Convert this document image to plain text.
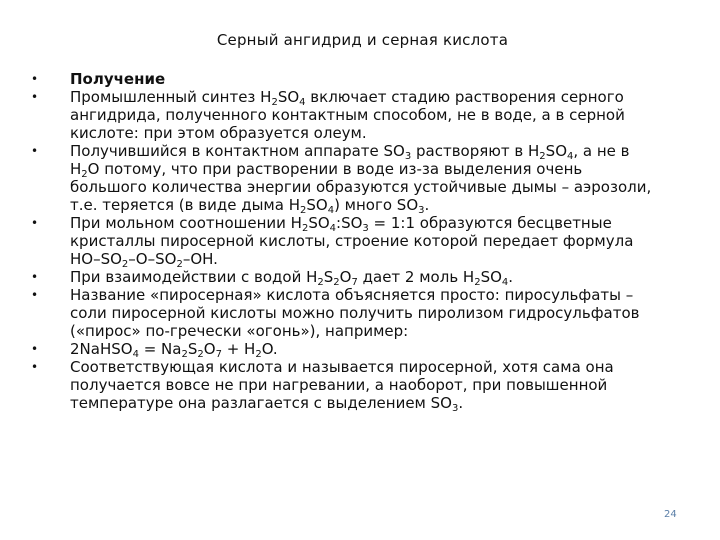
Серный ангидрид и серная кислота
• Получение
• Промышленный синтез $H_2SO_4$ включает стадию растворения серного ангидрида, полученного контактным способом, не в воде, а в серной кислоте: при этом образуется олеум.
• Получившийся в контактном аппарате $SO_3$ растворяют в $H_2SO_4$, а не в $H_2O$ потому, что при растворении в воде из-за выделения очень большого количества энергии образуются устойчивые дымы – аэрозоли, т.е. теряется (в виде дыма $H_2SO_4$) много $SO_3$.
• При мольном соотношении $H_2SO_4:SO_3$ = 1:1 образуются бесцветные кристаллы пиросерной кислоты, строение которой передает формула $HO-SO_2-O-SO_2-OH$.
• При взаимодействии с водой $H_2S_2O_7$ дает 2 моль $H_2SO_4$.
• Название «пиросерная» кислота объясняется просто: пиросульфаты – соли пиросерной кислоты можно получить пиролизом гидросульфатов («пирос» по-гречески «огонь»), например:
• 2NaHSO$_4$ = $Na_2S_2O_7 + H_2O$.
• Соответствующая кислота и называется пиросерной, хотя сама она получается вовсе не при нагревании, а наоборот, при повышенной температуре она разлагается с выделением $SO_3$.
24
